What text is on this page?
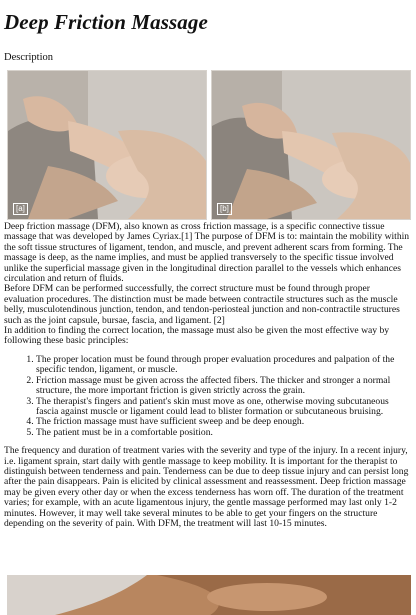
Deep Friction Massage
Description
[a]	[b]

Deep friction massage (DFM), also known as cross friction massage, is a specific connective tissue massage that was developed by James Cyriax.[1] The purpose of DFM is to: maintain the mobility within the soft tissue structures of ligament, tendon, and muscle, and prevent adherent scars from forming. The massage is deep, as the name implies, and must be applied transversely to the specific tissue involved unlike the superficial massage given in the longitudinal direction parallel to the vessels which enhances circulation and return of fluids.

Before DFM can be performed successfully, the correct structure must be found through proper evaluation procedures. The distinction must be made between contractile structures such as the muscle belly, musculotendinous junction, tendon, and tendon-periosteal junction and non-contractile structures such as the joint capsule, bursae, fascia, and ligament. [2]

In addition to finding the correct location, the massage must also be given the most effective way by following these basic principles:

1. The proper location must be found through proper evaluation procedures and palpation of the specific tendon, ligament, or muscle.
2. Friction massage must be given across the affected fibers. The thicker and stronger a normal structure, the more important friction is given strictly across the grain.
3. The therapist's fingers and patient's skin must move as one, otherwise moving subcutaneous fascia against muscle or ligament could lead to blister formation or subcutaneous bruising.
4. The friction massage must have sufficient sweep and be deep enough.
5. The patient must be in a comfortable position.

The frequency and duration of treatment varies with the severity and type of the injury. In a recent injury, i.e. ligament sprain, start daily with gentle massage to keep mobility. It is important for the therapist to distinguish between tenderness and pain. Tenderness can be due to deep tissue injury and can persist long after the pain disappears. Pain is elicited by clinical assessment and reassessment. Deep friction massage may be given every other day or when the excess tenderness has worn off. The duration of the treatment varies; for example, with an acute ligamentous injury, the gentle massage performed may last only 1-2 minutes. However, it may well take several minutes to be able to get your fingers on the structure depending on the severity of pain. With DFM, the treatment will last 10-15 minutes.
